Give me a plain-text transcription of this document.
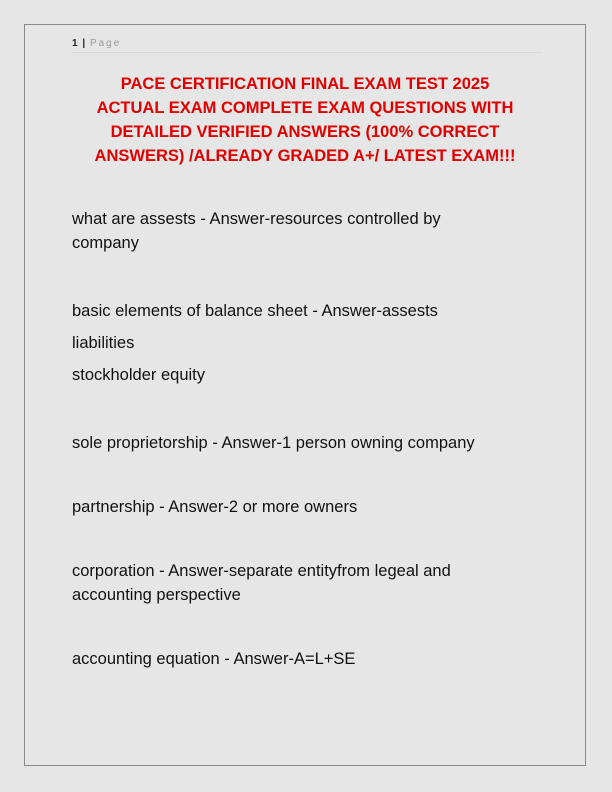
1 | Page
PACE CERTIFICATION FINAL EXAM TEST 2025
ACTUAL EXAM COMPLETE EXAM QUESTIONS WITH
DETAILED VERIFIED ANSWERS (100% CORRECT
ANSWERS) /ALREADY GRADED A+/ LATEST EXAM!!!
what are assests - Answer-resources controlled by
company
basic elements of balance sheet - Answer-assests
liabilities
stockholder equity
sole proprietorship - Answer-1 person owning company
partnership - Answer-2 or more owners
corporation - Answer-separate entityfrom legeal and
accounting perspective
accounting equation - Answer-A=L+SE
